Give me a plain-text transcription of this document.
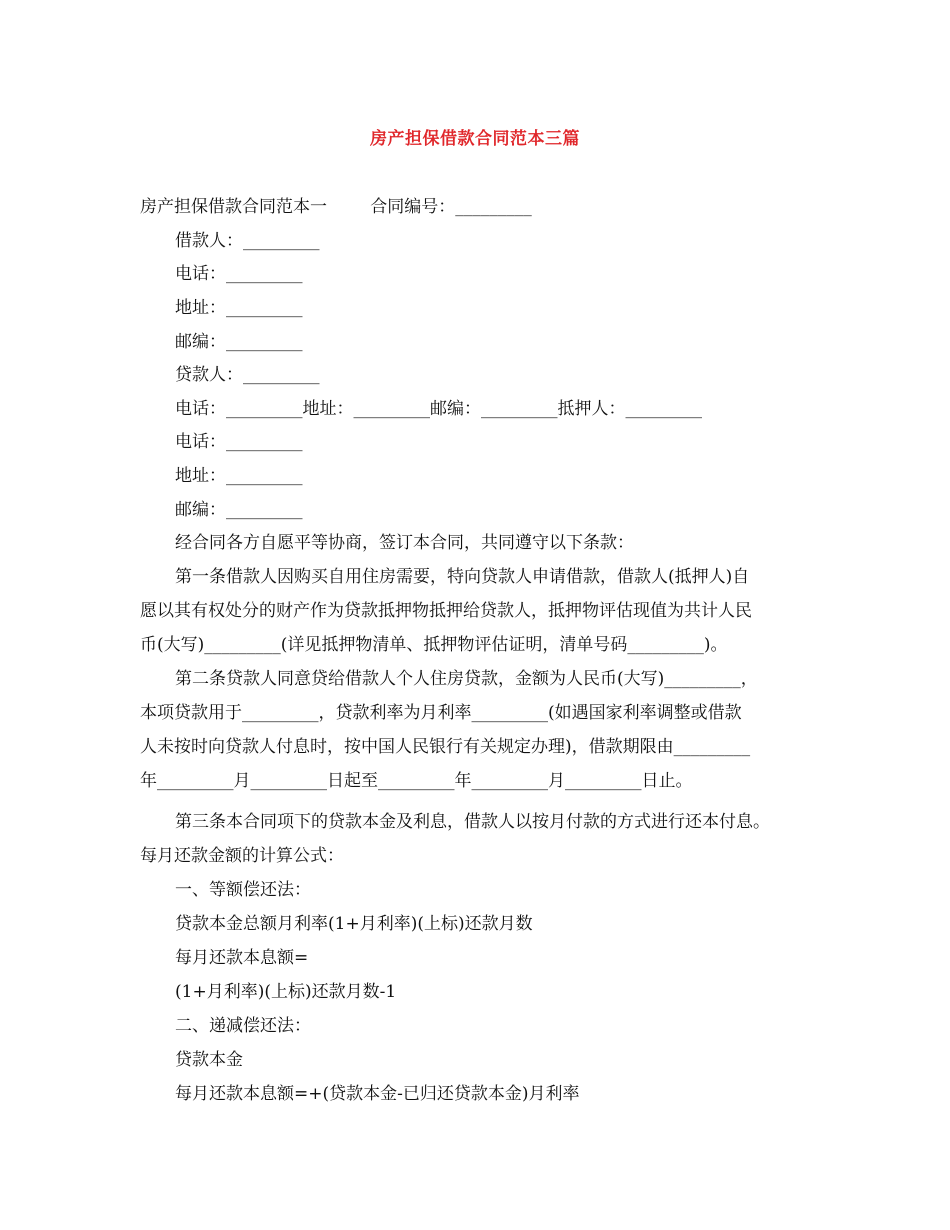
房产担保借款合同范本三篇
房产担保借款合同范本一        合同编号：_________
借款人：_________
电话：_________
地址：_________
邮编：_________
贷款人：_________
电话：_________地址：_________邮编：_________抵押人：_________
电话：_________
地址：_________
邮编：_________
经合同各方自愿平等协商，签订本合同，共同遵守以下条款：
第一条借款人因购买自用住房需要，特向贷款人申请借款，借款人(抵押人)自
愿以其有权处分的财产作为贷款抵押物抵押给贷款人，抵押物评估现值为共计人民
币(大写)_________(详见抵押物清单、抵押物评估证明，清单号码_________)。
第二条贷款人同意贷给借款人个人住房贷款，金额为人民币(大写)_________，
本项贷款用于_________，贷款利率为月利率_________(如遇国家利率调整或借款
人未按时向贷款人付息时，按中国人民银行有关规定办理)，借款期限由_________
年_________月_________日起至_________年_________月_________日止。
第三条本合同项下的贷款本金及利息，借款人以按月付款的方式进行还本付息。
每月还款金额的计算公式：
一、等额偿还法：
贷款本金总额月利率(1+月利率)(上标)还款月数
每月还款本息额=
(1+月利率)(上标)还款月数-1
二、递减偿还法：
贷款本金
每月还款本息额=+(贷款本金-已归还贷款本金)月利率
